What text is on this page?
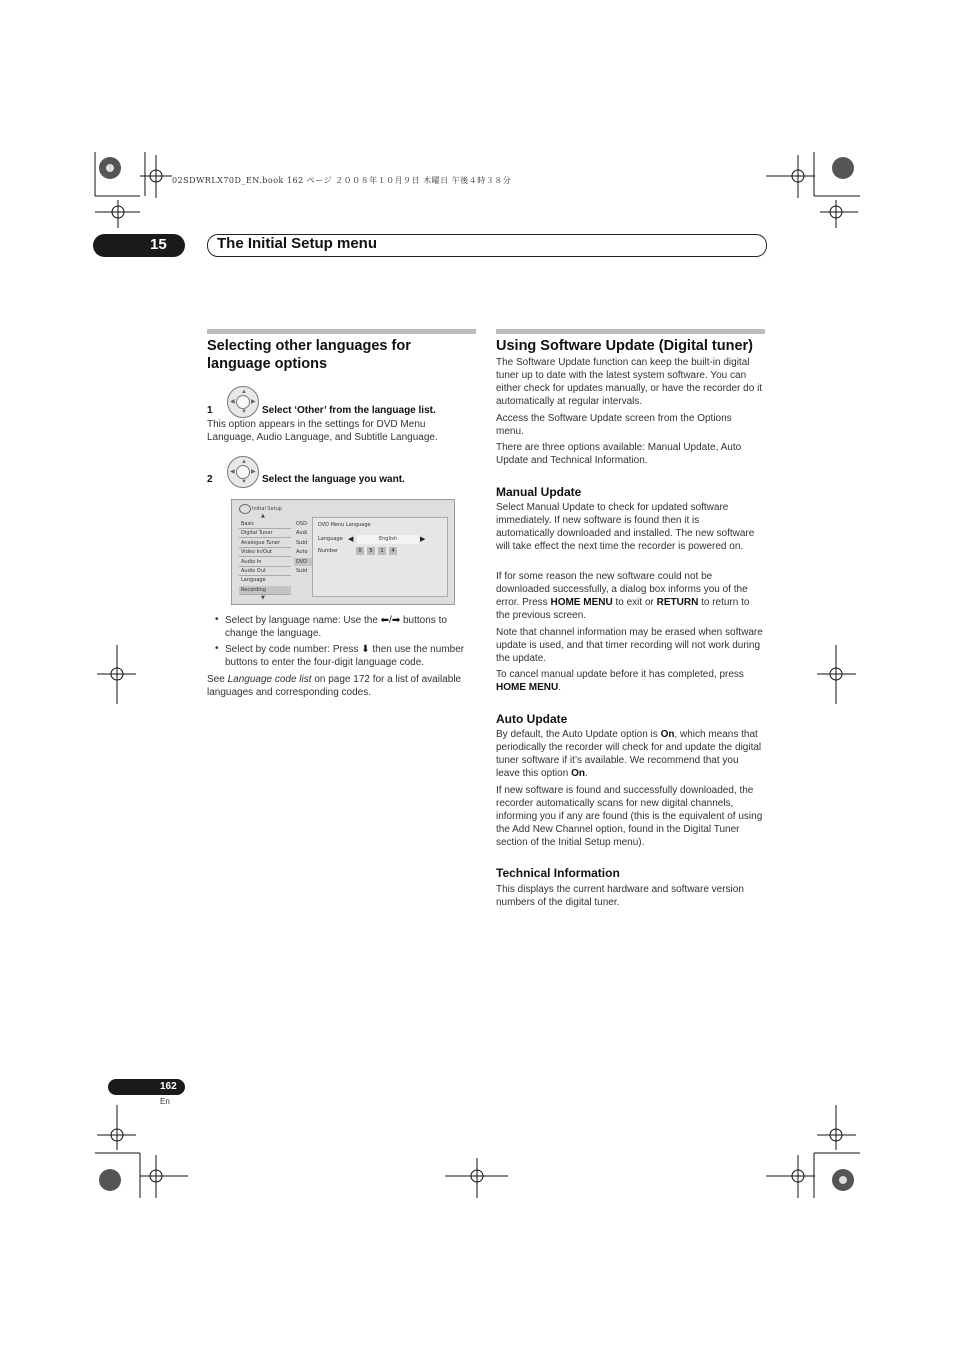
02SDWRLX70D_EN.book 162 ページ ２００８年１０月９日 木曜日 午後４時３８分
15	The Initial Setup menu
Selecting other languages for language options
▲
▼
◀	▶
1	Select ‘Other’ from the language list.
This option appears in the settings for DVD Menu Language, Audio Language, and Subtitle Language.
▲
▼
◀	▶
2	Select the language you want.
Initial Setup
▲
Basic
Digital Tuner
Analogue Tuner
Video In/Out
Audio In
Audio Out
Language
Recording
▼
OSD
Audi
Subt
Auto
DVD
Subt
DVD Menu Language
Language ◀	English	▶
Number	0	5	1	4
• Select by language name: Use the ⬅/➡ buttons to change the language.
• Select by code number: Press ⬇ then use the number buttons to enter the four-digit language code.
See Language code list on page 172 for a list of available languages and corresponding codes.
Using Software Update (Digital tuner)
The Software Update function can keep the built-in digital tuner up to date with the latest system software. You can either check for updates manually, or have the recorder do it automatically at regular intervals.
Access the Software Update screen from the Options menu.
There are three options available: Manual Update, Auto Update and Technical Information.
Manual Update
Select Manual Update to check for updated software immediately. If new software is found then it is automatically downloaded and installed. The new software will take effect the next time the recorder is powered on.
If for some reason the new software could not be downloaded successfully, a dialog box informs you of the error. Press HOME MENU to exit or RETURN to return to the previous screen.
Note that channel information may be erased when software update is used, and that timer recording will not work during the update.
To cancel manual update before it has completed, press HOME MENU.
Auto Update
By default, the Auto Update option is On, which means that periodically the recorder will check for and update the digital tuner software if it’s available. We recommend that you leave this option On.
If new software is found and successfully downloaded, the recorder automatically scans for new digital channels, informing you if any are found (this is the equivalent of using the Add New Channel option, found in the Digital Tuner section of the Initial Setup menu).
Technical Information
This displays the current hardware and software version numbers of the digital tuner.
162
En
